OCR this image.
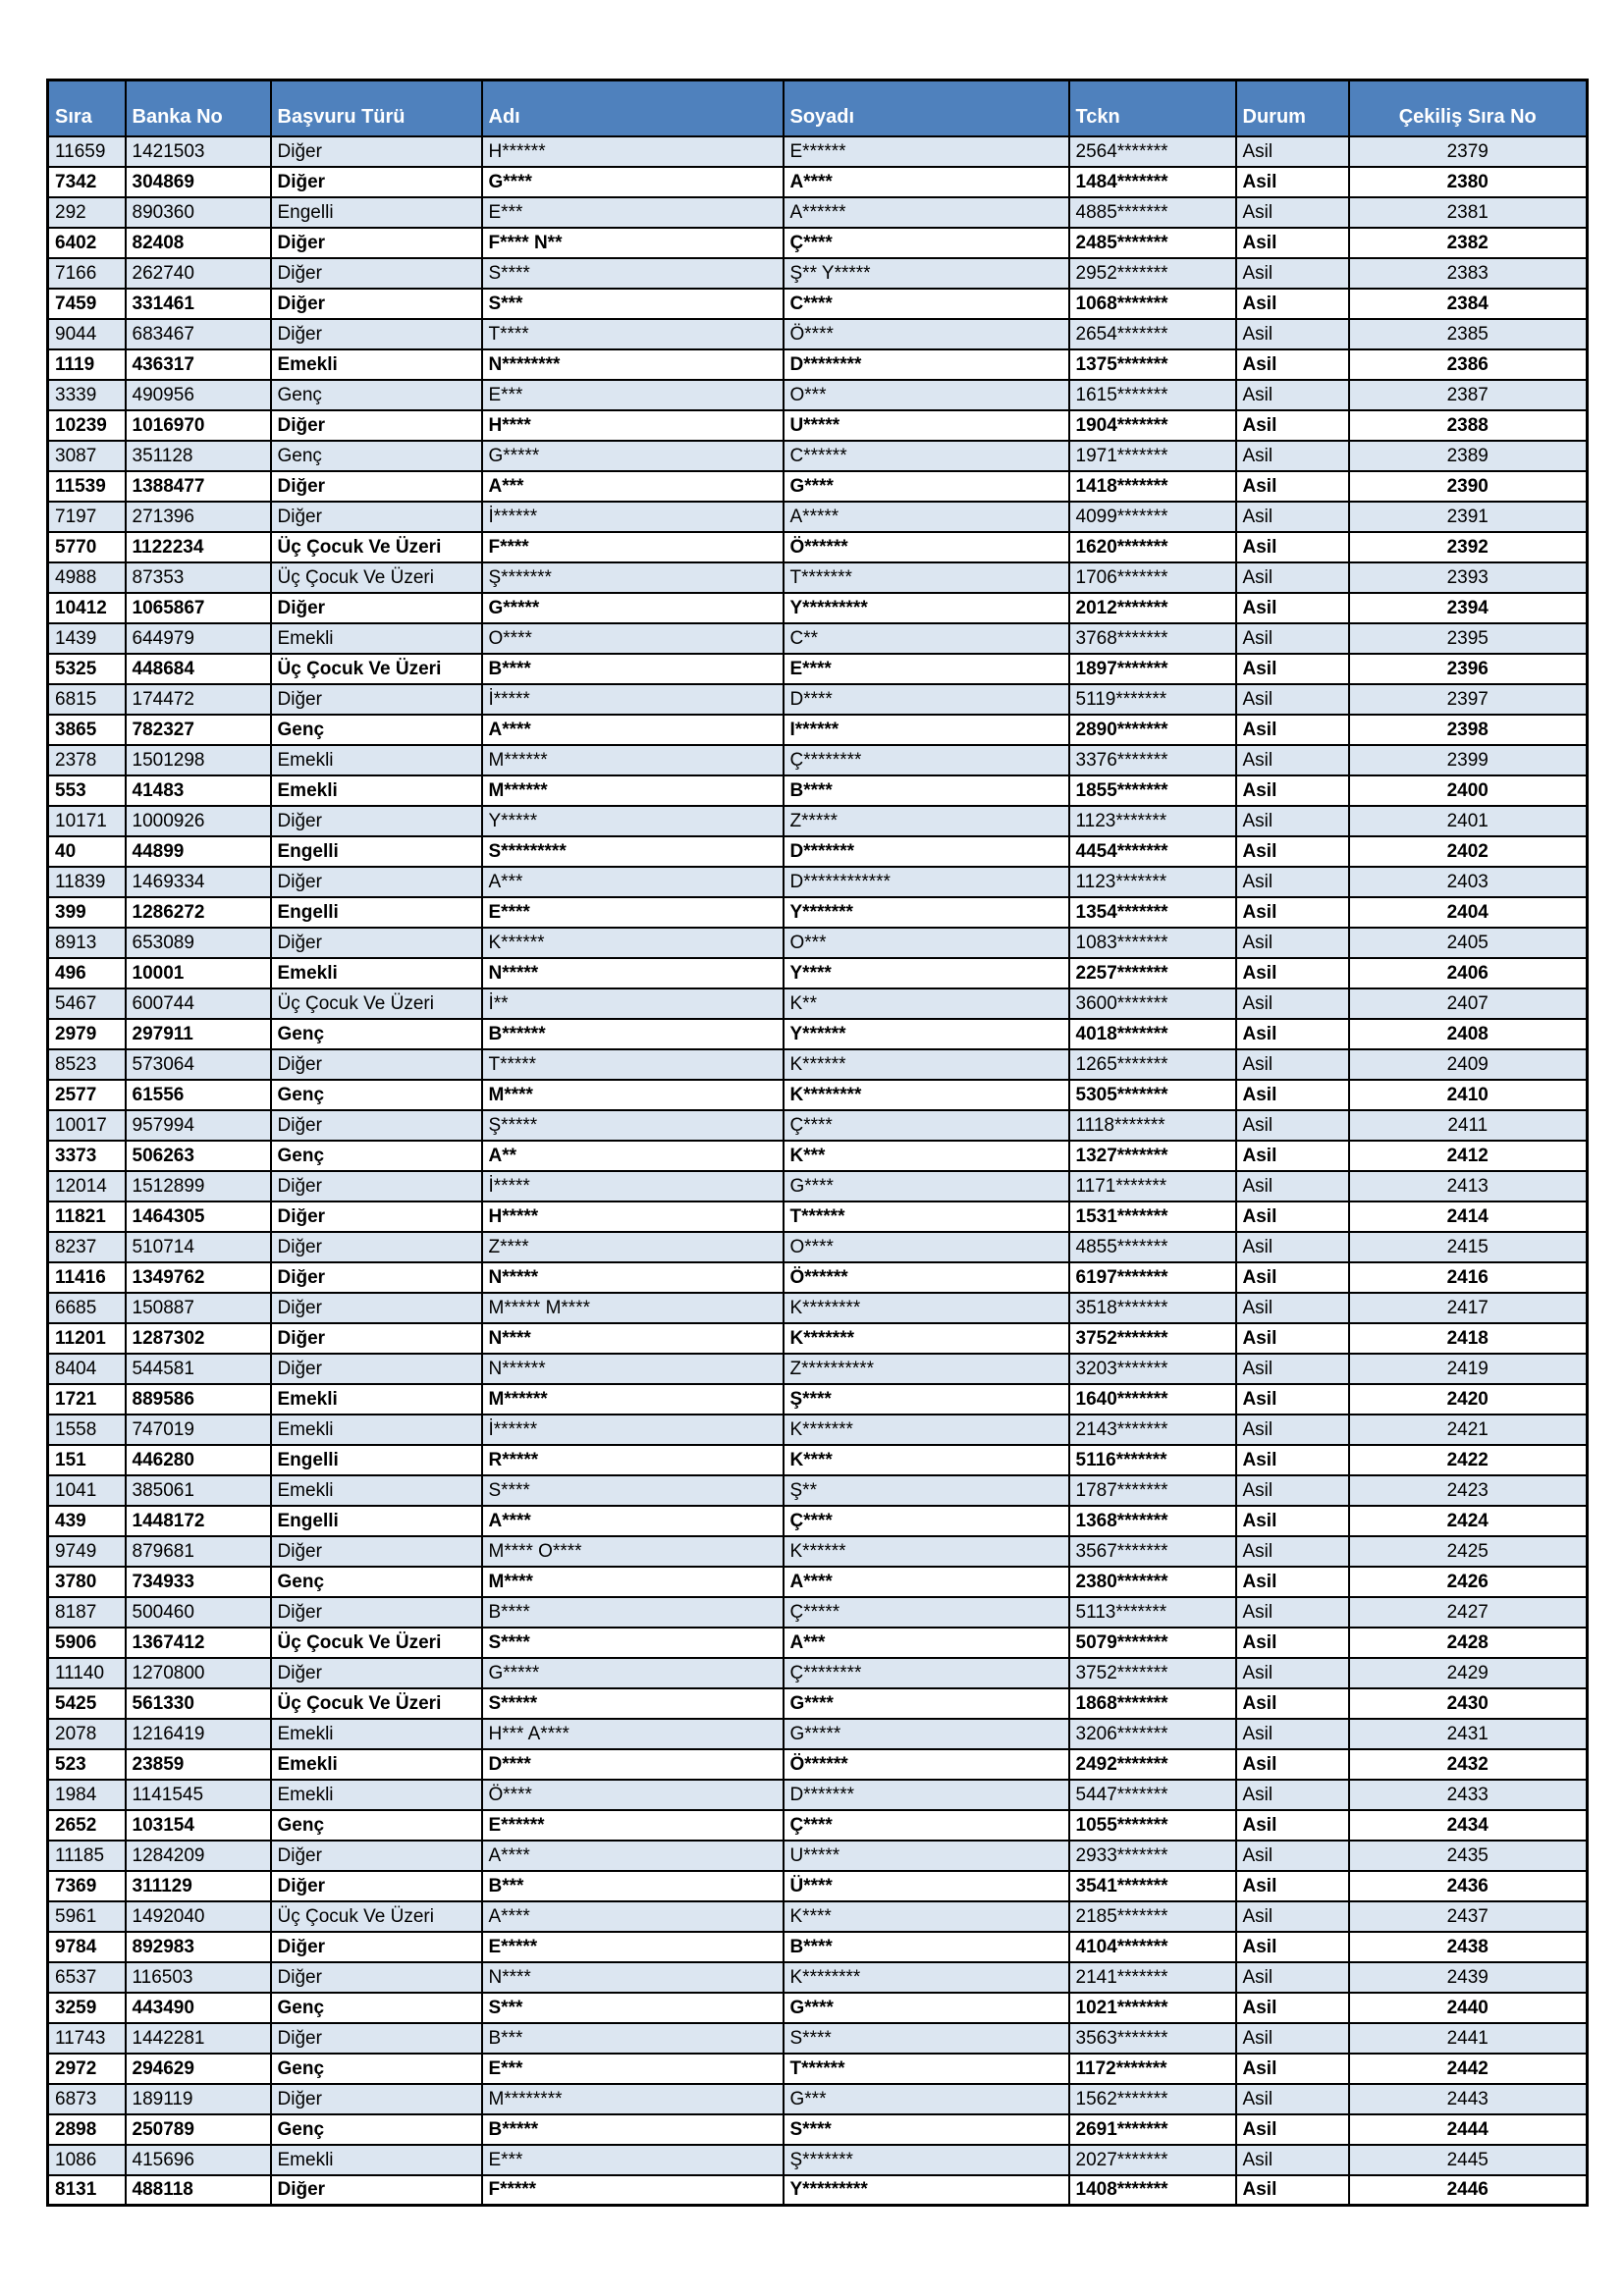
Sıra	Banka No	Başvuru Türü	Adı	Soyadı	Tckn	Durum	Çekiliş Sıra No
11659	1421503	Diğer	H******	E******	2564*******	Asil	2379
7342	304869	Diğer	G****	A****	1484*******	Asil	2380
292	890360	Engelli	E***	A******	4885*******	Asil	2381
6402	82408	Diğer	F**** N**	Ç****	2485*******	Asil	2382
7166	262740	Diğer	S****	Ş** Y*****	2952*******	Asil	2383
7459	331461	Diğer	S***	C****	1068*******	Asil	2384
9044	683467	Diğer	T****	Ö****	2654*******	Asil	2385
1119	436317	Emekli	N********	D********	1375*******	Asil	2386
3339	490956	Genç	E***	O***	1615*******	Asil	2387
10239	1016970	Diğer	H****	U*****	1904*******	Asil	2388
3087	351128	Genç	G*****	C******	1971*******	Asil	2389
11539	1388477	Diğer	A***	G****	1418*******	Asil	2390
7197	271396	Diğer	İ******	A*****	4099*******	Asil	2391
5770	1122234	Üç Çocuk Ve Üzeri	F****	Ö******	1620*******	Asil	2392
4988	87353	Üç Çocuk Ve Üzeri	Ş*******	T*******	1706*******	Asil	2393
10412	1065867	Diğer	G*****	Y*********	2012*******	Asil	2394
1439	644979	Emekli	O****	C**	3768*******	Asil	2395
5325	448684	Üç Çocuk Ve Üzeri	B****	E****	1897*******	Asil	2396
6815	174472	Diğer	İ*****	D****	5119*******	Asil	2397
3865	782327	Genç	A****	I******	2890*******	Asil	2398
2378	1501298	Emekli	M******	Ç********	3376*******	Asil	2399
553	41483	Emekli	M******	B****	1855*******	Asil	2400
10171	1000926	Diğer	Y*****	Z*****	1123*******	Asil	2401
40	44899	Engelli	S*********	D*******	4454*******	Asil	2402
11839	1469334	Diğer	A***	D************	1123*******	Asil	2403
399	1286272	Engelli	E****	Y*******	1354*******	Asil	2404
8913	653089	Diğer	K******	O***	1083*******	Asil	2405
496	10001	Emekli	N*****	Y****	2257*******	Asil	2406
5467	600744	Üç Çocuk Ve Üzeri	İ**	K**	3600*******	Asil	2407
2979	297911	Genç	B******	Y******	4018*******	Asil	2408
8523	573064	Diğer	T*****	K******	1265*******	Asil	2409
2577	61556	Genç	M****	K********	5305*******	Asil	2410
10017	957994	Diğer	Ş*****	Ç****	1118*******	Asil	2411
3373	506263	Genç	A**	K***	1327*******	Asil	2412
12014	1512899	Diğer	İ*****	G****	1171*******	Asil	2413
11821	1464305	Diğer	H*****	T******	1531*******	Asil	2414
8237	510714	Diğer	Z****	O****	4855*******	Asil	2415
11416	1349762	Diğer	N*****	Ö******	6197*******	Asil	2416
6685	150887	Diğer	M***** M****	K********	3518*******	Asil	2417
11201	1287302	Diğer	N****	K*******	3752*******	Asil	2418
8404	544581	Diğer	N******	Z**********	3203*******	Asil	2419
1721	889586	Emekli	M******	Ş****	1640*******	Asil	2420
1558	747019	Emekli	İ******	K*******	2143*******	Asil	2421
151	446280	Engelli	R*****	K****	5116*******	Asil	2422
1041	385061	Emekli	S****	Ş**	1787*******	Asil	2423
439	1448172	Engelli	A****	Ç****	1368*******	Asil	2424
9749	879681	Diğer	M**** O****	K******	3567*******	Asil	2425
3780	734933	Genç	M****	A****	2380*******	Asil	2426
8187	500460	Diğer	B****	Ç*****	5113*******	Asil	2427
5906	1367412	Üç Çocuk Ve Üzeri	S****	A***	5079*******	Asil	2428
11140	1270800	Diğer	G*****	Ç********	3752*******	Asil	2429
5425	561330	Üç Çocuk Ve Üzeri	S*****	G****	1868*******	Asil	2430
2078	1216419	Emekli	H*** A****	G*****	3206*******	Asil	2431
523	23859	Emekli	D****	Ö******	2492*******	Asil	2432
1984	1141545	Emekli	Ö****	D*******	5447*******	Asil	2433
2652	103154	Genç	E******	Ç****	1055*******	Asil	2434
11185	1284209	Diğer	A****	U*****	2933*******	Asil	2435
7369	311129	Diğer	B***	Ü****	3541*******	Asil	2436
5961	1492040	Üç Çocuk Ve Üzeri	A****	K****	2185*******	Asil	2437
9784	892983	Diğer	E*****	B****	4104*******	Asil	2438
6537	116503	Diğer	N****	K********	2141*******	Asil	2439
3259	443490	Genç	S***	G****	1021*******	Asil	2440
11743	1442281	Diğer	B***	S****	3563*******	Asil	2441
2972	294629	Genç	E***	T******	1172*******	Asil	2442
6873	189119	Diğer	M********	G***	1562*******	Asil	2443
2898	250789	Genç	B*****	S****	2691*******	Asil	2444
1086	415696	Emekli	E***	Ş*******	2027*******	Asil	2445
8131	488118	Diğer	F*****	Y*********	1408*******	Asil	2446
